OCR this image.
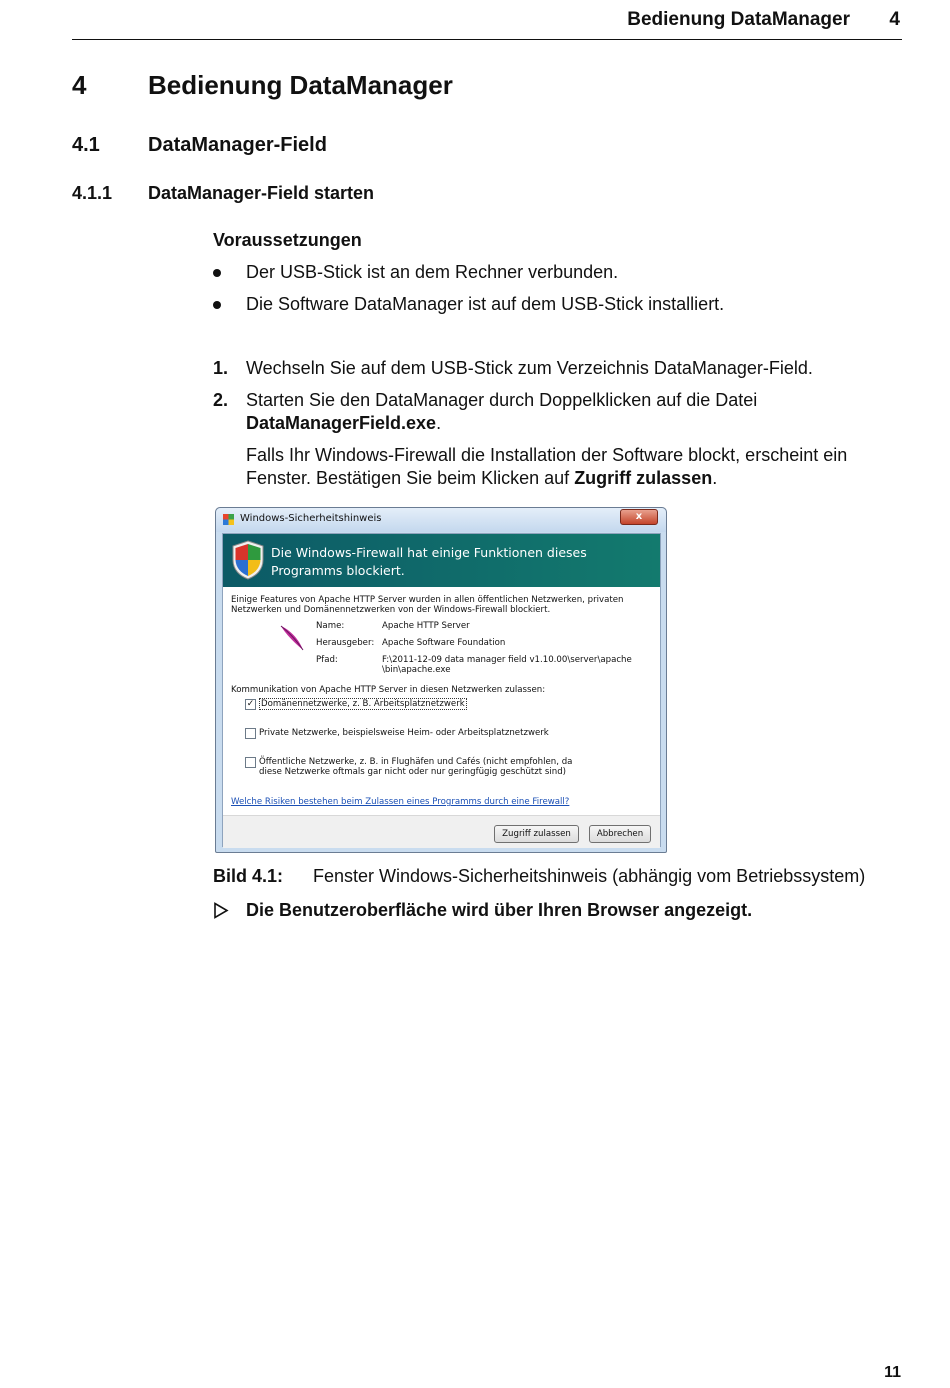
Bedienung DataManager 4
4 Bedienung DataManager
4.1 DataManager-Field
4.1.1 DataManager-Field starten
Voraussetzungen
Der USB-Stick ist an dem Rechner verbunden.
Die Software DataManager ist auf dem USB-Stick installiert.
1. Wechseln Sie auf dem USB-Stick zum Verzeichnis DataManager-Field.
2. Starten Sie den DataManager durch Doppelklicken auf die Datei DataManagerField.exe.
Falls Ihr Windows-Firewall die Installation der Software blockt, erscheint ein Fenster. Bestätigen Sie beim Klicken auf Zugriff zulassen.
Windows-Sicherheitshinweis	x
Die Windows-Firewall hat einige Funktionen dieses
Programms blockiert.
Einige Features von Apache HTTP Server wurden in allen öffentlichen Netzwerken, privaten Netzwerken und Domänennetzwerken von der Windows-Firewall blockiert.
Name:	Apache HTTP Server
Herausgeber: Apache Software Foundation
Pfad:	F:\2011-12-09 data manager field v1.10.00\server\apache \bin\apache.exe
Kommunikation von Apache HTTP Server in diesen Netzwerken zulassen:
✓ Domänennetzwerke, z. B. Arbeitsplatznetzwerk
Private Netzwerke, beispielsweise Heim- oder Arbeitsplatznetzwerk
Öffentliche Netzwerke, z. B. in Flughäfen und Cafés (nicht empfohlen, da diese Netzwerke oftmals gar nicht oder nur geringfügig geschützt sind)
Welche Risiken bestehen beim Zulassen eines Programms durch eine Firewall?
Zugriff zulassen	Abbrechen
Bild 4.1: Fenster Windows-Sicherheitshinweis (abhängig vom Betriebssystem)
Die Benutzeroberfläche wird über Ihren Browser angezeigt.
11
